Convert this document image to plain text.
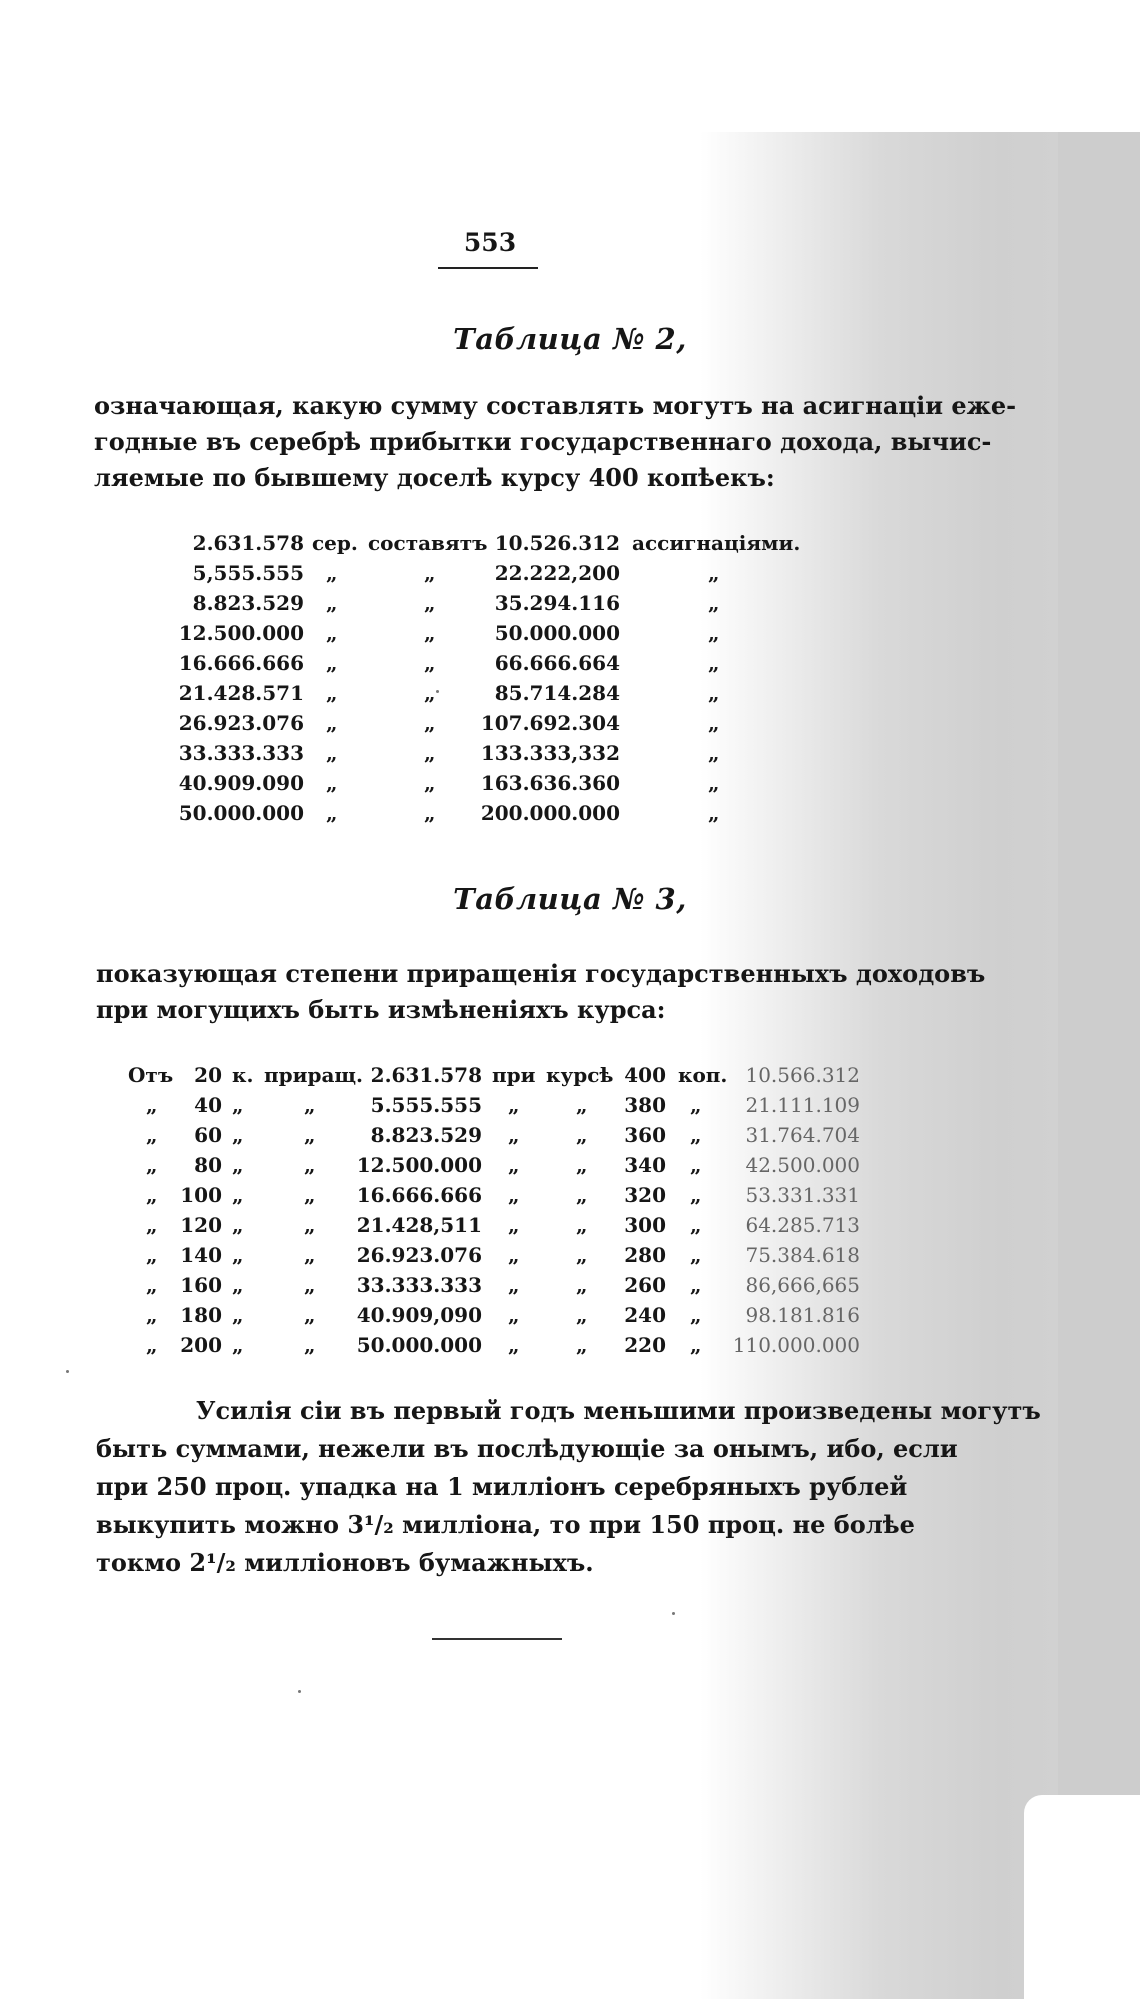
553
Таблица № 2,
означающая, какую сумму составлять могутъ на асигнацiи еже-
годные въ серебрѣ прибытки государственнаго дохода, вычис-
ляемые по бывшему доселѣ курсу 400 копѣекъ:
2.631.578 сер. составятъ 10.526.312 ассигнацiями.
5,555.555 „	„	22.222,200	„
8.823.529 „	„	35.294.116	„
12.500.000 „	„	50.000.000	„
16.666.666 „	„	66.666.664	„
21.428.571 „	„	85.714.284	„
26.923.076 „	„	107.692.304	„
33.333.333 „	„	133.333,332	„
40.909.090 „	„	163.636.360	„
50.000.000 „	„	200.000.000	„
Таблица № 3,
показующая степени приращенiя государственныхъ доходовъ
при могущихъ быть измѣненiяхъ курса:
Отъ	20 к. приращ. 2.631.578 при курсѣ 400 коп. 10.566.312
„	40 „	„	5.555.555 „	„	380 „	21.111.109
„	60 „	„	8.823.529 „	„	360 „	31.764.704
„	80 „	„	12.500.000 „	„	340 „	42.500.000
„ 100 „	„	16.666.666 „	„	320 „	53.331.331
„ 120 „	„	21.428,511 „	„	300 „	64.285.713
„ 140 „	„	26.923.076 „	„	280 „	75.384.618
„ 160 „	„	33.333.333 „	„	260 „	86,666,665
„ 180 „	„	40.909,090 „	„	240 „	98.181.816
„ 200 „	„	50.000.000 „	„	220 „	110.000.000
Усилiя сiи въ первый годъ меньшими произведены могутъ
быть суммами, нежели въ послѣдующiе за онымъ, ибо, если
при 250 проц. упадка на 1 миллiонъ серебряныхъ рублей
выкупить можно 3¹/₂ миллiона, то при 150 проц. не болѣе
токмо 2¹/₂ миллiоновъ бумажныхъ.
